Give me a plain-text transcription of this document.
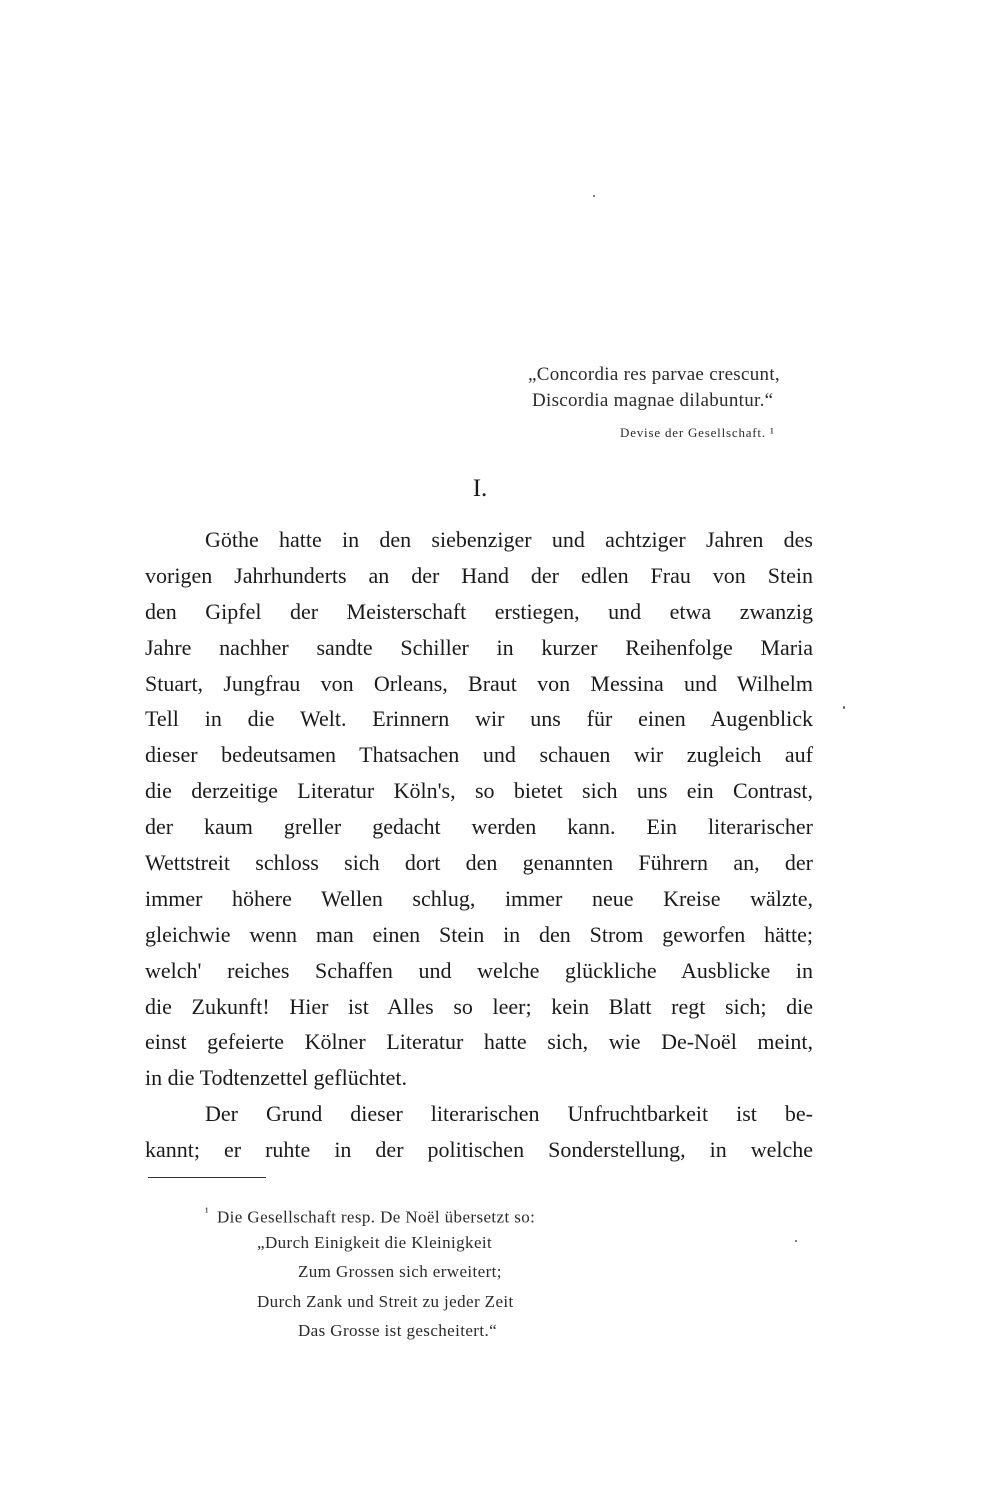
„Concordia res parvae crescunt,
Discordia magnae dilabuntur.“
Devise der Gesellschaft. ¹
I.
Göthe hatte in den siebenziger und achtziger Jahren des
vorigen Jahrhunderts an der Hand der edlen Frau von Stein
den Gipfel der Meisterschaft erstiegen, und etwa zwanzig
Jahre nachher sandte Schiller in kurzer Reihenfolge Maria
Stuart, Jungfrau von Orleans, Braut von Messina und Wilhelm
Tell in die Welt. Erinnern wir uns für einen Augenblick
dieser bedeutsamen Thatsachen und schauen wir zugleich auf
die derzeitige Literatur Köln's, so bietet sich uns ein Contrast,
der kaum greller gedacht werden kann. Ein literarischer
Wettstreit schloss sich dort den genannten Führern an, der
immer höhere Wellen schlug, immer neue Kreise wälzte,
gleichwie wenn man einen Stein in den Strom geworfen hätte;
welch' reiches Schaffen und welche glückliche Ausblicke in
die Zukunft! Hier ist Alles so leer; kein Blatt regt sich; die
einst gefeierte Kölner Literatur hatte sich, wie De-Noël meint,
in die Todtenzettel geflüchtet.
Der Grund dieser literarischen Unfruchtbarkeit ist be-
kannt; er ruhte in der politischen Sonderstellung, in welche
$^{^1}$ Die Gesellschaft resp. De Noël übersetzt so:
„Durch Einigkeit die Kleinigkeit
Zum Grossen sich erweitert;
Durch Zank und Streit zu jeder Zeit
Das Grosse ist gescheitert.“
